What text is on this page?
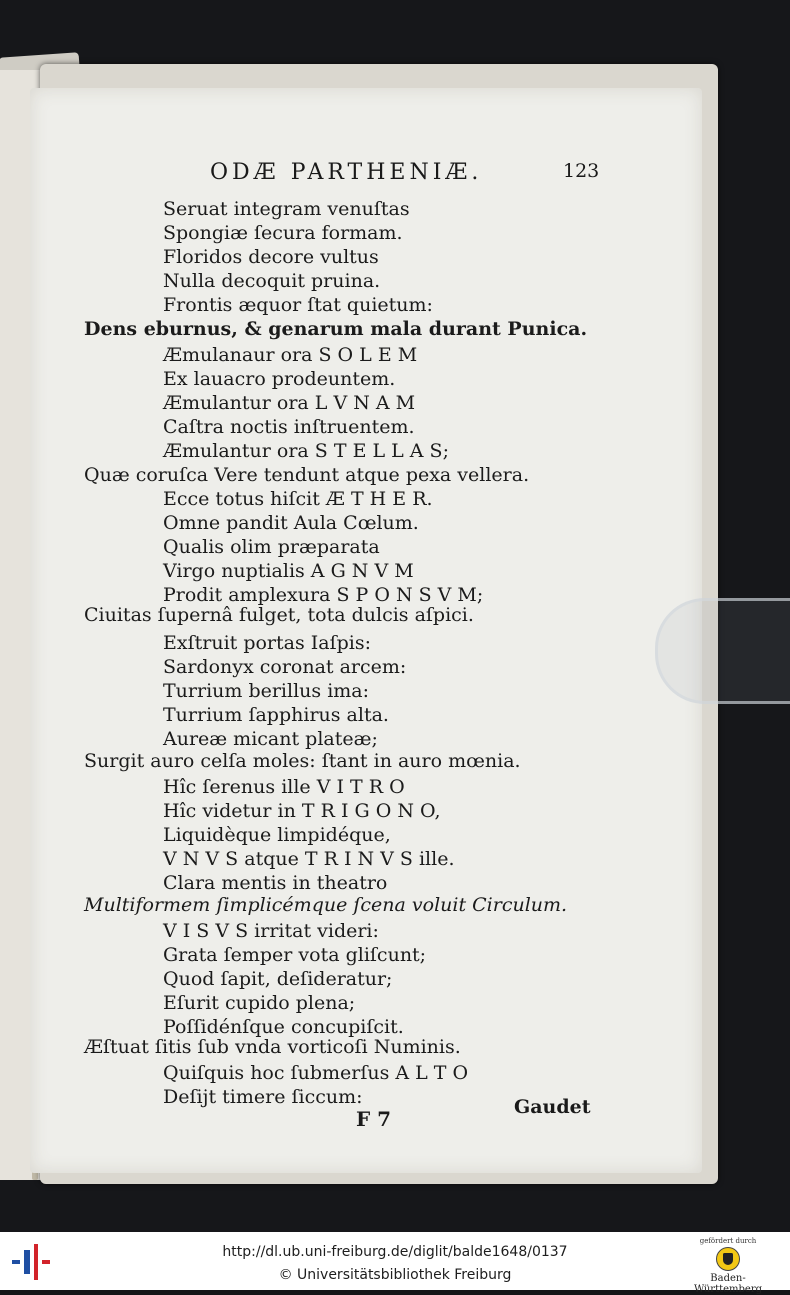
ODÆ PARTHENIÆ.	123
Seruat integram venuſtas
Spongiæ ſecura formam.
Floridos decore vultus
Nulla decoquit pruina.
Frontis æquor ſtat quietum:
Dens eburnus, & genarum mala durant Punica.
Æmulanaur ora S O L E M
Ex lauacro prodeuntem.
Æmulantur ora L V N A M
Caſtra noctis inſtruentem.
Æmulantur ora S T E L L A S;
Quæ coruſca Vere tendunt atque pexa vellera.
Ecce totus hiſcit Æ T H E R.
Omne pandit Aula Cœlum.
Qualis olim præparata
Virgo nuptialis A G N V M
Prodit amplexura S P O N S V M;
Ciuitas ſupernâ fulget, tota dulcis aſpici.
Exſtruit portas Iaſpis:
Sardonyx coronat arcem:
Turrium berillus ima:
Turrium ſapphirus alta.
Aureæ micant plateæ;
Surgit auro celſa moles: ſtant in auro mœnia.
Hîc ſerenus ille V I T R O
Hîc videtur in T R I G O N O,
Liquidèque limpidéque,
V N V S atque T R I N V S ille.
Clara mentis in theatro
Multiformem ſimplicémque ſcena voluit Circulum.
V I S V S irritat videri:
Grata ſemper vota gliſcunt;
Quod ſapit, deſideratur;
Eſurit cupido plena;
Poſſidénſque concupiſcit.
Æſtuat ſitis ſub vnda vorticoſi Numinis.
Quiſquis hoc ſubmerſus A L T O
Deſijt timere ſiccum:
F 7	Gaudet
http://dl.ub.uni-freiburg.de/diglit/balde1648/0137
© Universitätsbibliothek Freiburg
gefördert durch
Baden-Württemberg
